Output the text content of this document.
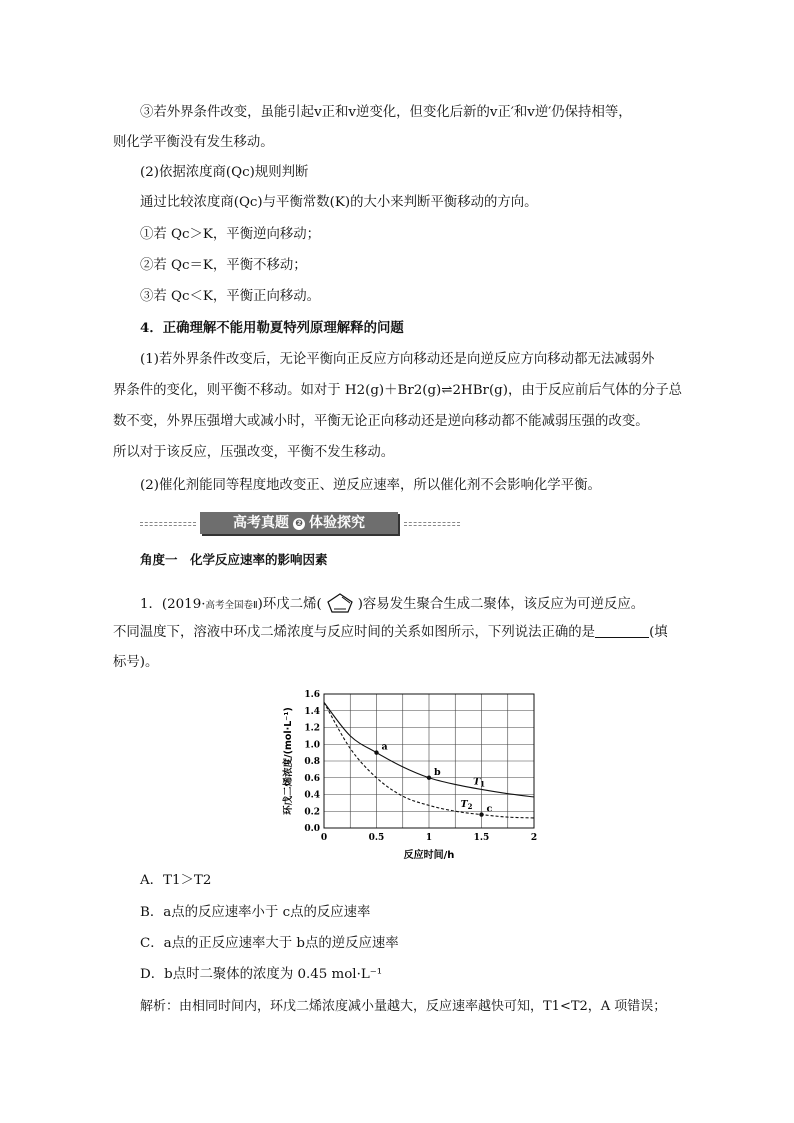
③若外界条件改变，虽能引起v正和v逆变化，但变化后新的v正′和v逆′仍保持相等，
则化学平衡没有发生移动。
(2)依据浓度商(Qc)规则判断
通过比较浓度商(Qc)与平衡常数(K)的大小来判断平衡移动的方向。
①若 Qc＞K，平衡逆向移动；
②若 Qc＝K，平衡不移动；
③若 Qc＜K，平衡正向移动。
4．正确理解不能用勒夏特列原理解释的问题
(1)若外界条件改变后，无论平衡向正反应方向移动还是向逆反应方向移动都无法减弱外
界条件的变化，则平衡不移动。如对于 H2(g)＋Br2(g)⇌2HBr(g)，由于反应前后气体的分子总
数不变，外界压强增大或减小时，平衡无论正向移动还是逆向移动都不能减弱压强的改变。
所以对于该反应，压强改变，平衡不发生移动。
(2)催化剂能同等程度地改变正、逆反应速率，所以催化剂不会影响化学平衡。
高考真题 ❷ 体验探究
角度一　化学反应速率的影响因素
1．(2019·高考全国卷Ⅱ)环戊二烯(	)容易发生聚合生成二聚体，该反应为可逆反应。
不同温度下，溶液中环戊二烯浓度与反应时间的关系如图所示，下列说法正确的是	(填
标号)。
0.0
0.2
0.4
0.6
0.8
1.0
1.2
1.4
1.6
0	0.5	1	1.5	2
反应时间/h
环戊二烯浓度/(mol·L⁻¹)	a
b
c
$T_1$
$T_2$
A．T1＞T2
B．a点的反应速率小于 c点的反应速率
C．a点的正反应速率大于 b点的逆反应速率
D．b点时二聚体的浓度为 0.45 mol·L⁻¹
解析：由相同时间内，环戊二烯浓度减小量越大，反应速率越快可知，T1<T2，A 项错误；
